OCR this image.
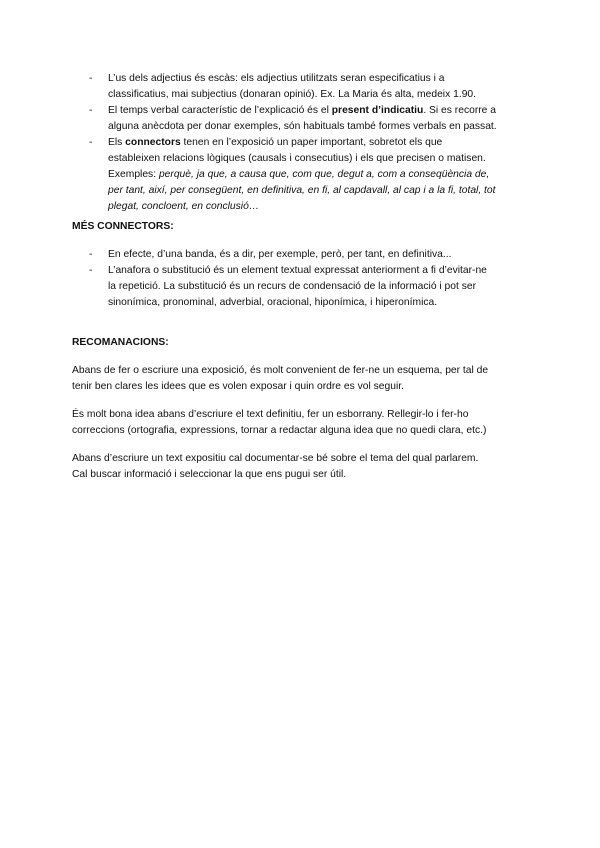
- L’us dels adjectius és escàs: els adjectius utilitzats seran especificatius i a
classificatius, mai subjectius (donaran opinió). Ex. La Maria és alta, medeix 1.90.
- El temps verbal característic de l’explicació és el present d’indicatiu. Si es recorre a
alguna anècdota per donar exemples, són habituals també formes verbals en passat.
- Els connectors tenen en l’exposició un paper important, sobretot els que
estableixen relacions lògiques (causals i consecutius) i els que precisen o matisen.
Exemples: perquè, ja que, a causa que, com que, degut a, com a conseqüència de,
per tant, així, per consegüent, en definitiva, en fi, al capdavall, al cap i a la fi, total, tot
plegat, concloent, en conclusió…
MÉS CONNECTORS:
- En efecte, d’una banda, és a dir, per exemple, però, per tant, en definitiva...
- L’anafora o substitució és un element textual expressat anteriorment a fi d’evitar-ne
la repetició. La substitució és un recurs de condensació de la informació i pot ser
sinonímica, pronominal, adverbial, oracional, hiponímica, i hiperonímica.
RECOMANACIONS:
Abans de fer o escriure una exposició, és molt convenient de fer-ne un esquema, per tal de
tenir ben clares les idees que es volen exposar i quin ordre es vol seguir.
És molt bona idea abans d’escriure el text definitiu, fer un esborrany. Rellegir-lo i fer-ho
correccions (ortografia, expressions, tornar a redactar alguna idea que no quedi clara, etc.)
Abans d’escriure un text expositiu cal documentar-se bé sobre el tema del qual parlarem.
Cal buscar informació i seleccionar la que ens pugui ser útil.
